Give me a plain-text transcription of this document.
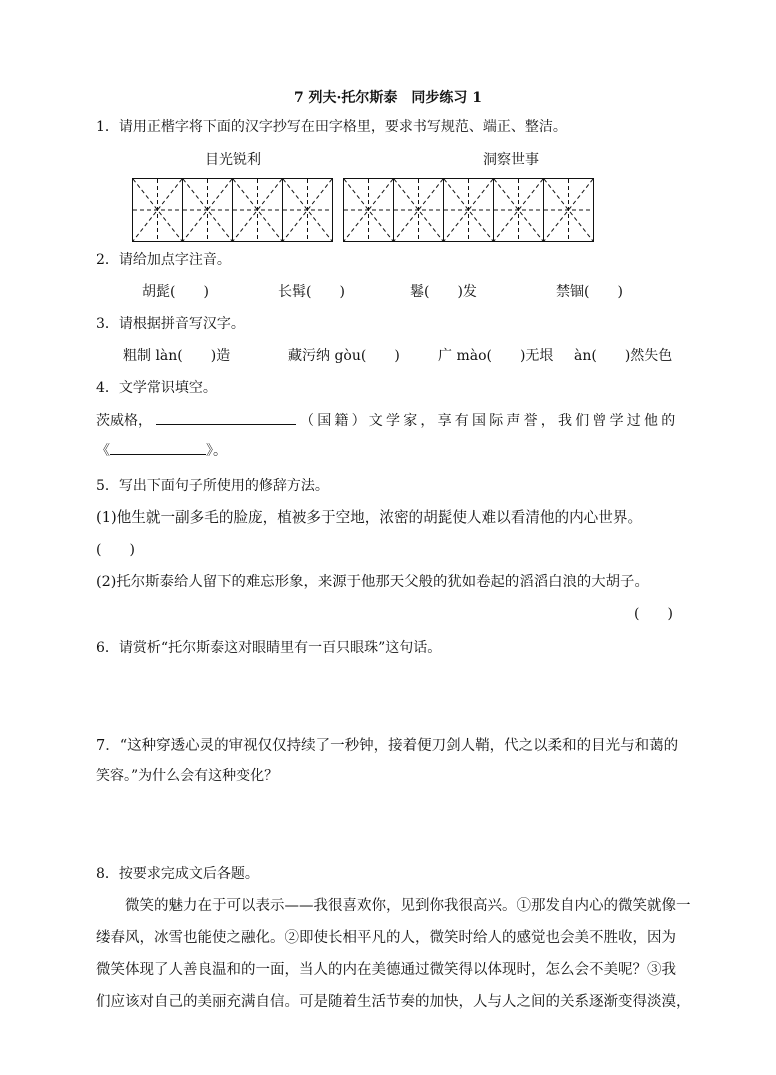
7 列夫·托尔斯泰　同步练习 1
1．请用正楷字将下面的汉字抄写在田字格里，要求书写规范、端正、整洁。
目光锐利	洞察世事
2．请给加点字注音。
胡髭(　　)	长髯(　　)	鬈(　　)发	禁锢(　　)
3．请根据拼音写汉字。
粗制 làn(　　)造	藏污纳 gòu(　　)	广 mào(　　)无垠 àn(　　)然失色
4．文学常识填空。
茨威格，	（国籍）文学家，享有国际声誉，我们曾学过他的
《	》。
5．写出下面句子所使用的修辞方法。
(1)他生就一副多毛的脸庞，植被多于空地，浓密的胡髭使人难以看清他的内心世界。
(　　)
(2)托尔斯泰给人留下的难忘形象，来源于他那天父般的犹如卷起的滔滔白浪的大胡子。
(　　)
6．请赏析“托尔斯泰这对眼睛里有一百只眼珠”这句话。
7．“这种穿透心灵的审视仅仅持续了一秒钟，接着便刀剑人鞘，代之以柔和的目光与和蔼的
笑容。”为什么会有这种变化？
8．按要求完成文后各题。
　　微笑的魅力在于可以表示——我很喜欢你，见到你我很高兴。①那发自内心的微笑就像一
缕春风，冰雪也能使之融化。②即使长相平凡的人，微笑时给人的感觉也会美不胜收，因为
微笑体现了人善良温和的一面，当人的内在美德通过微笑得以体现时，怎么会不美呢？③我
们应该对自己的美丽充满自信。可是随着生活节奏的加快，人与人之间的关系逐渐变得淡漠，
